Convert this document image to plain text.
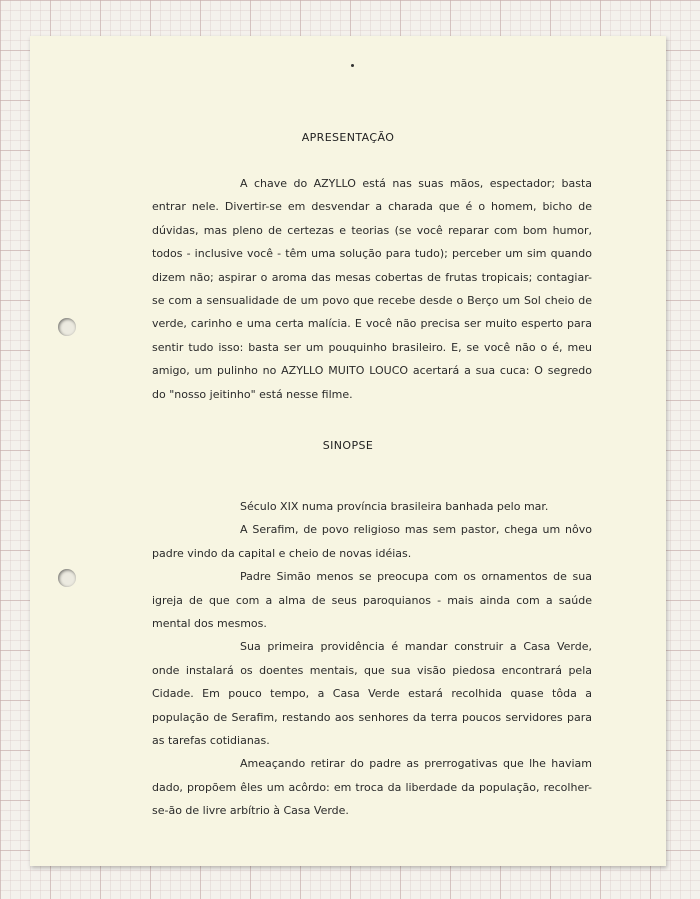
APRESENTAÇÃO

A chave do AZYLLO está nas suas mãos, espectador; basta entrar nele. Divertir-se em desvendar a charada que é o homem, bicho de dúvidas, mas pleno de certezas e teorias (se você reparar com bom humor, todos - inclusive você - têm uma solução para tudo); perceber um sim quando dizem não; aspirar o aroma das mesas cobertas de frutas tropicais; contagiar-se com a sensualidade de um povo que recebe desde o Berço um Sol cheio de verde, carinho e uma certa malícia. E você não precisa ser muito esperto para sentir tudo isso: basta ser um pouquinho brasileiro. E, se você não o é, meu amigo, um pulinho no AZYLLO MUITO LOUCO acertará a sua cuca: O segredo do "nosso jeitinho" está nesse filme.

SINOPSE

Século XIX numa província brasileira banhada pelo mar.

A Serafim, de povo religioso mas sem pastor, chega um nôvo padre vindo da capital e cheio de novas idéias.

Padre Simão menos se preocupa com os ornamentos de sua igreja de que com a alma de seus paroquianos - mais ainda com a saúde mental dos mesmos.

Sua primeira providência é mandar construir a Casa Verde, onde instalará os doentes mentais, que sua visão piedosa encontrará pela Cidade. Em pouco tempo, a Casa Verde estará recolhida quase tôda a população de Serafim, restando aos senhores da terra poucos servidores para as tarefas cotidianas.

Ameaçando retirar do padre as prerrogativas que lhe haviam dado, propõem êles um acôrdo: em troca da liberdade da população, recolher-se-ão de livre arbítrio à Casa Verde.
